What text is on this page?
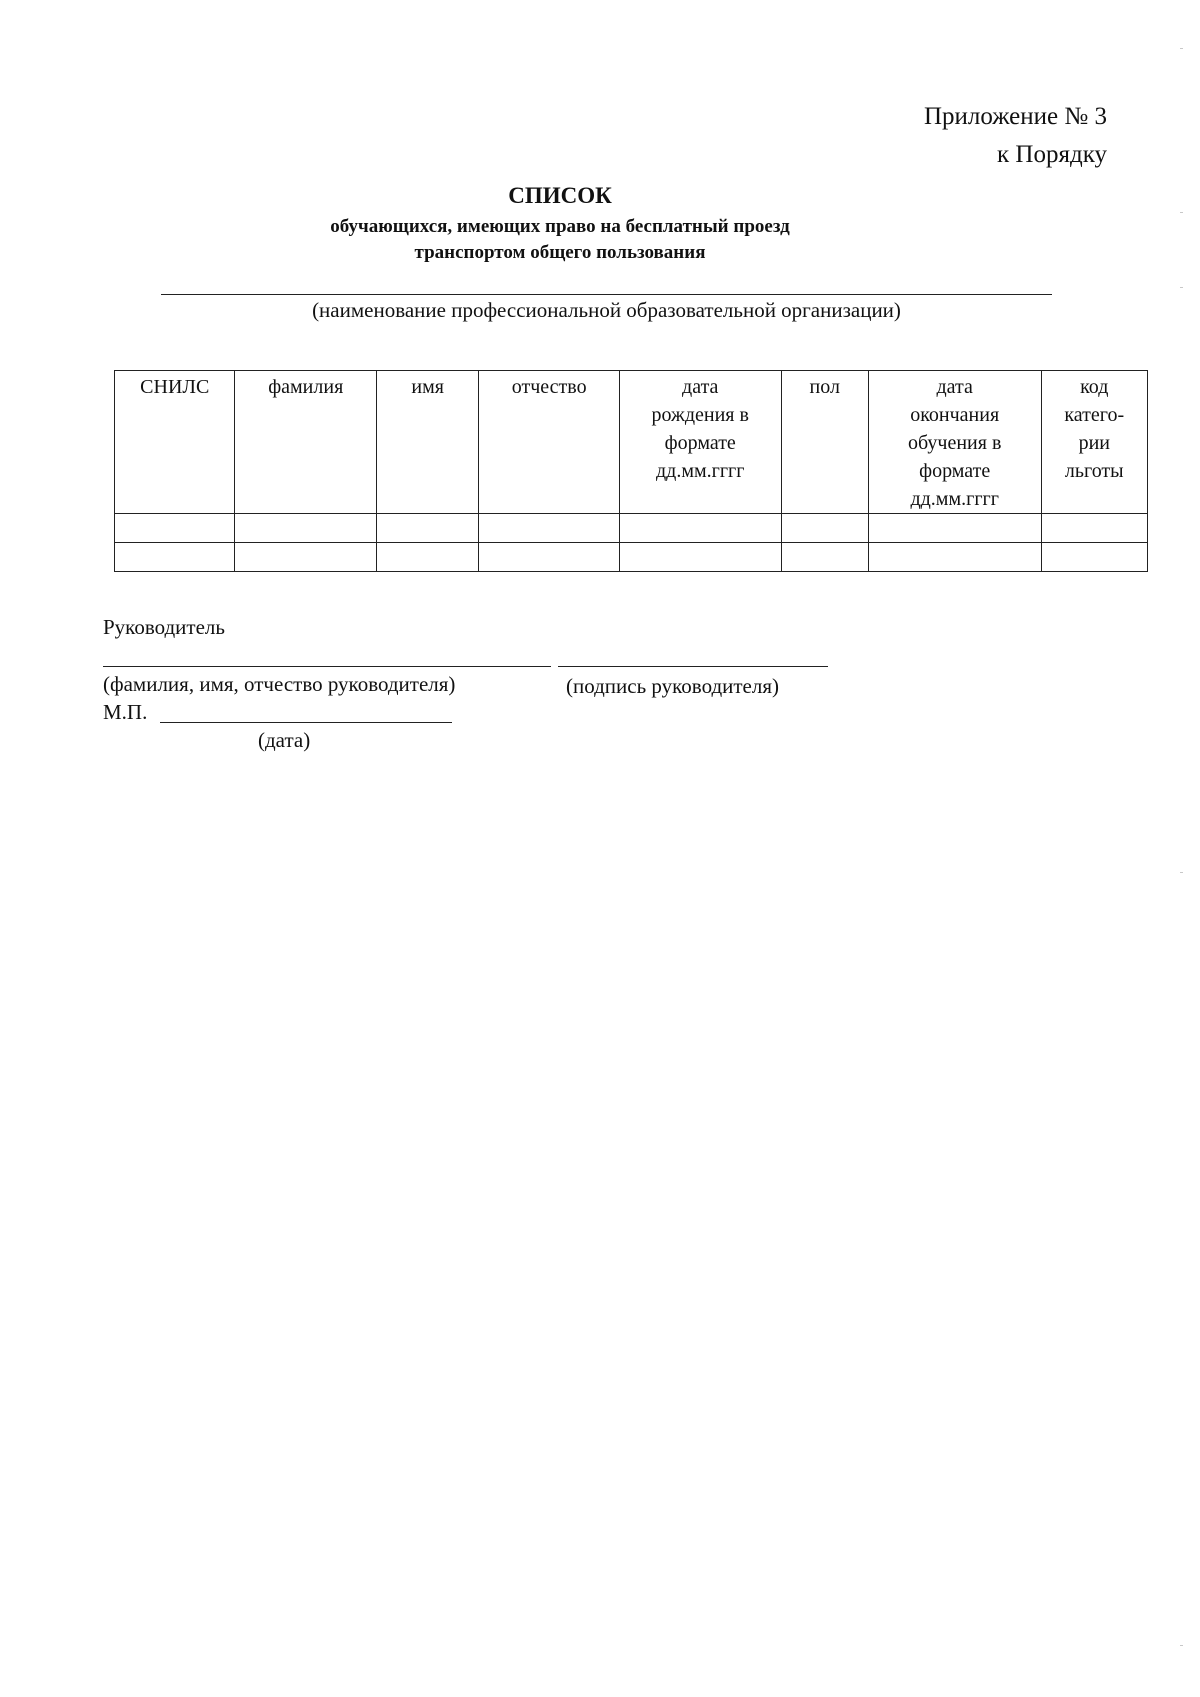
Приложение № 3
к Порядку
СПИСОК
обучающихся, имеющих право на бесплатный проезд
транспортом общего пользования
(наименование профессиональной образовательной организации)
СНИЛС	фамилия	имя	отчество	дата рождения в формате дд.мм.гггг	пол	дата окончания обучения в формате дд.мм.гггг	код катего-рии льготы

Руководитель
(фамилия, имя, отчество руководителя)	(подпись руководителя)
М.П.
(дата)
